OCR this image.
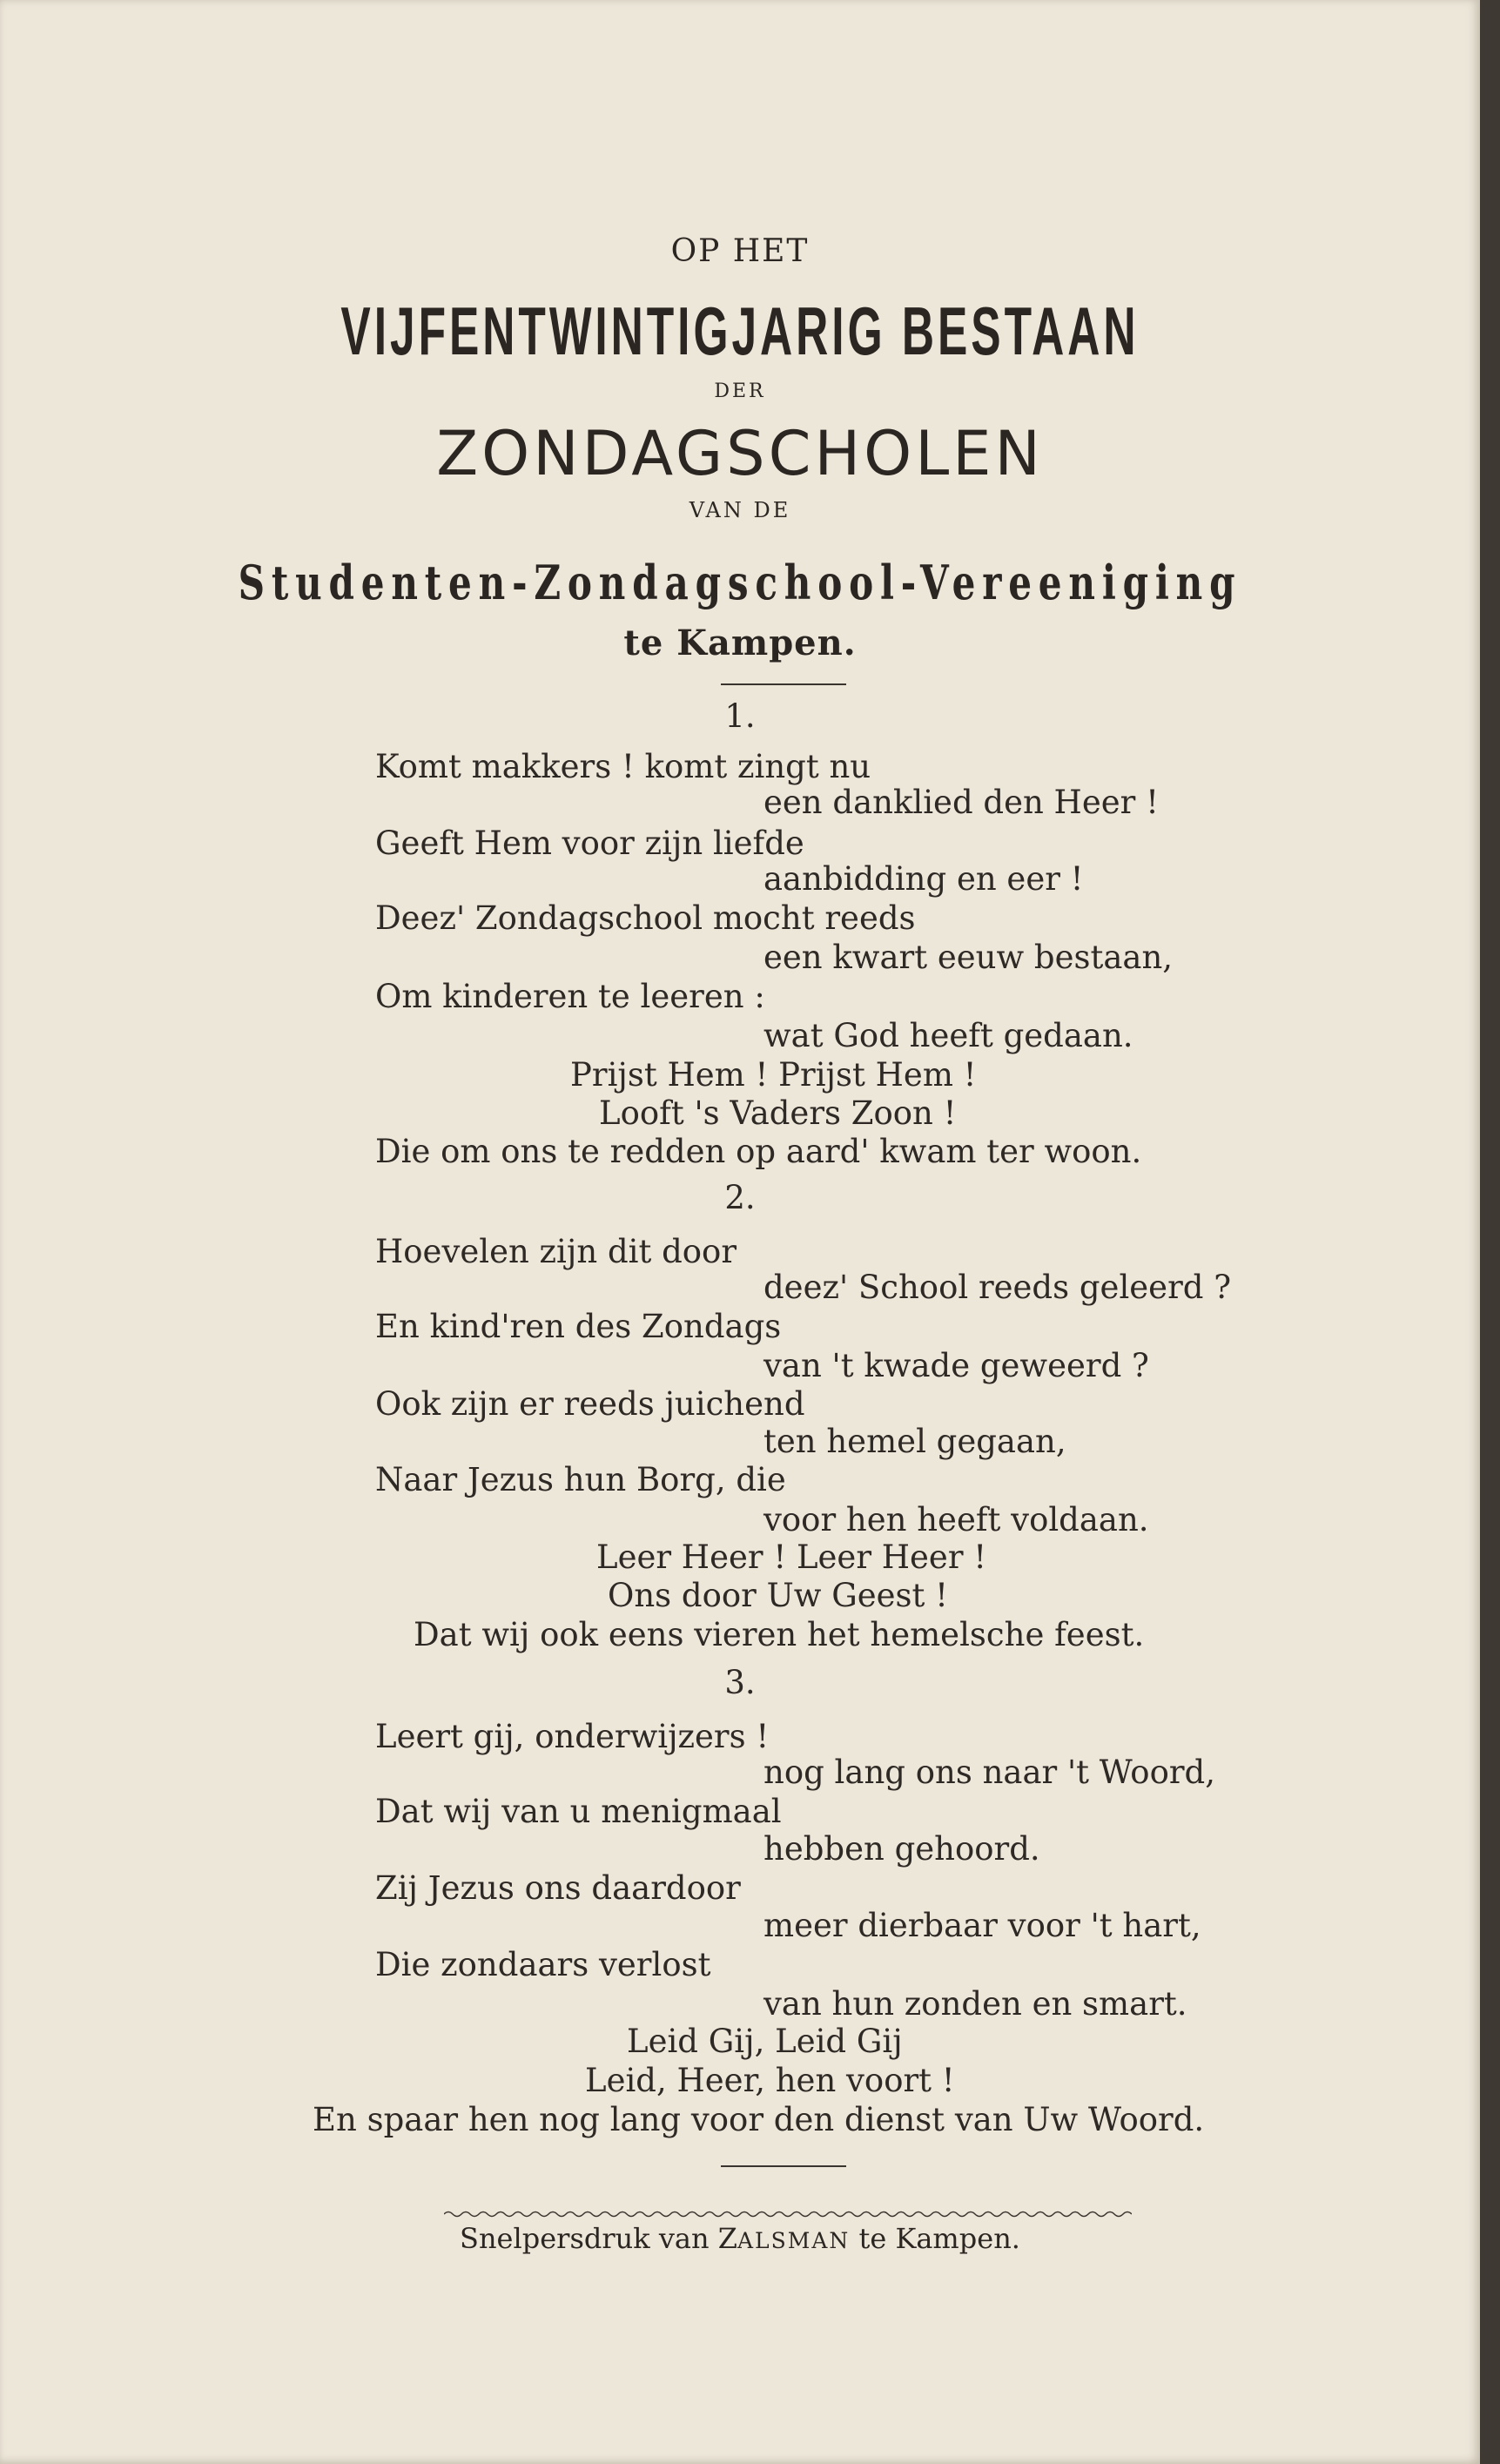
OP HET
VIJFENTWINTIGJARIG BESTAAN
DER
ZONDAGSCHOLEN
VAN DE
Studenten-Zondagschool-Vereeniging
te Kampen.
1.
Komt makkers ! komt zingt nu
een danklied den Heer !
Geeft Hem voor zijn liefde
aanbidding en eer !
Deez' Zondagschool mocht reeds
een kwart eeuw bestaan,
Om kinderen te leeren :
wat God heeft gedaan.
Prijst Hem ! Prijst Hem !
Looft 's Vaders Zoon !
Die om ons te redden op aard' kwam ter woon.
2.
Hoevelen zijn dit door
deez' School reeds geleerd ?
En kind'ren des Zondags
van 't kwade geweerd ?
Ook zijn er reeds juichend
ten hemel gegaan,
Naar Jezus hun Borg, die
voor hen heeft voldaan.
Leer Heer ! Leer Heer !
Ons door Uw Geest !
Dat wij ook eens vieren het hemelsche feest.
3.
Leert gij, onderwijzers !
nog lang ons naar 't Woord,
Dat wij van u menigmaal
hebben gehoord.
Zij Jezus ons daardoor
meer dierbaar voor 't hart,
Die zondaars verlost
van hun zonden en smart.
Leid Gij, Leid Gij
Leid, Heer, hen voort !
En spaar hen nog lang voor den dienst van Uw Woord.
Snelpersdruk van ZALSMAN te Kampen.
